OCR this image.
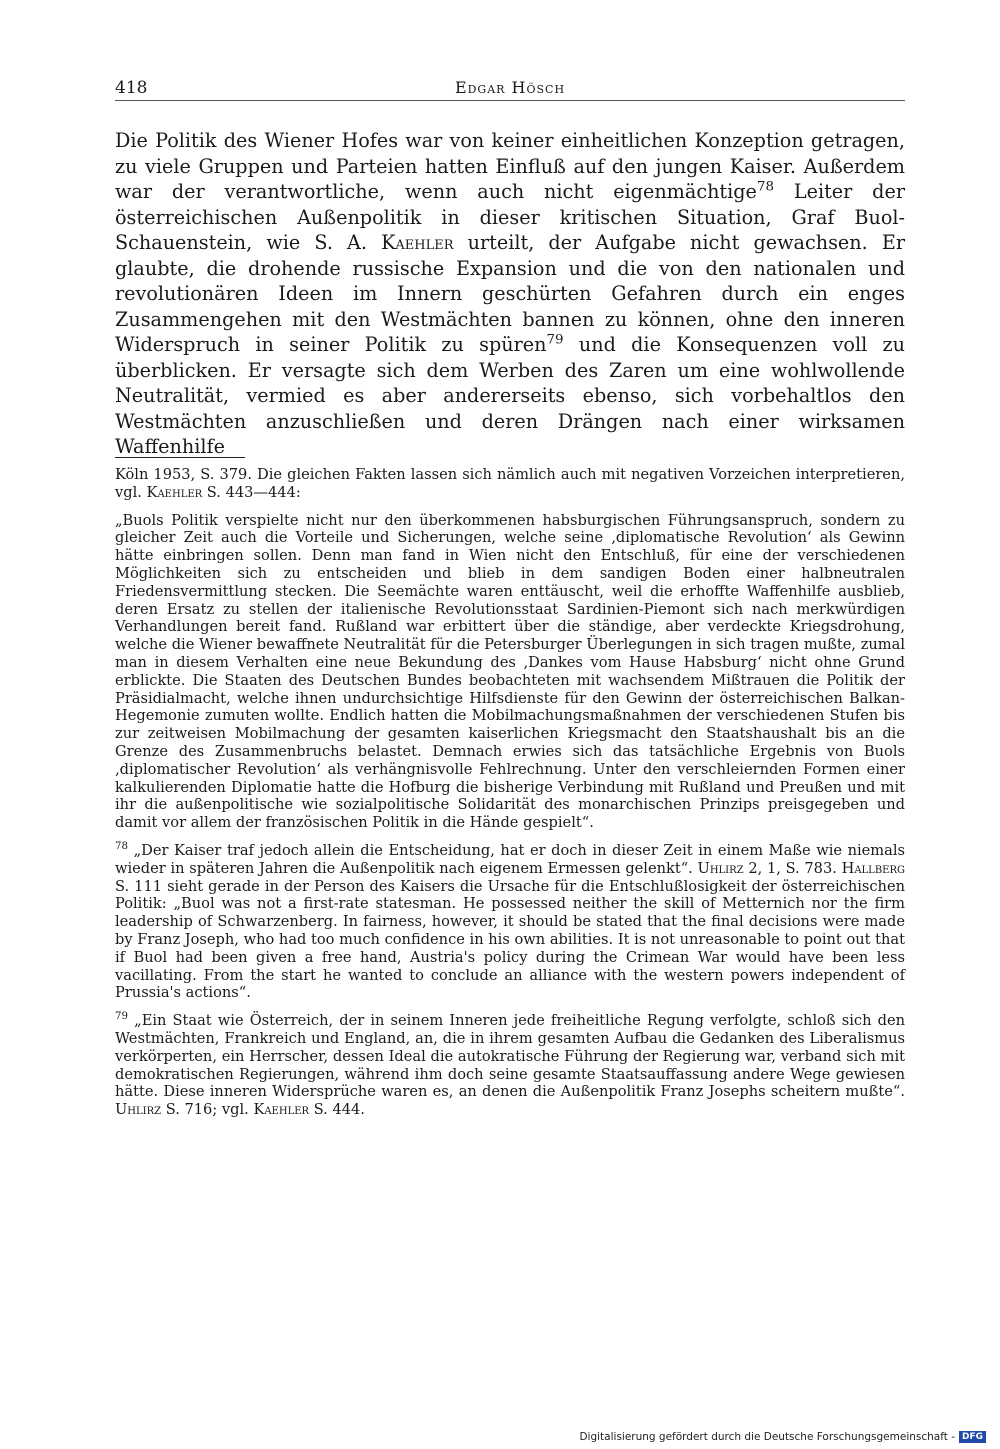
418	Edgar Hösch
Die Politik des Wiener Hofes war von keiner einheitlichen Konzeption getragen, zu viele Gruppen und Parteien hatten Einfluß auf den jungen Kaiser. Außerdem war der verantwortliche, wenn auch nicht eigenmächtige$^{78}$ Leiter der österreichischen Außenpolitik in dieser kritischen Situation, Graf Buol-Schauenstein, wie S. A. Kaehler urteilt, der Aufgabe nicht gewachsen. Er glaubte, die drohende russische Expansion und die von den nationalen und revolutionären Ideen im Innern geschürten Gefahren durch ein enges Zusammengehen mit den Westmächten bannen zu können, ohne den inneren Widerspruch in seiner Politik zu spüren$^{79}$ und die Konsequenzen voll zu überblicken. Er versagte sich dem Werben des Zaren um eine wohlwollende Neutralität, vermied es aber andererseits ebenso, sich vorbehaltlos den Westmächten anzuschließen und deren Drängen nach einer wirksamen Waffenhilfe

Köln 1953, S. 379. Die gleichen Fakten lassen sich nämlich auch mit negativen Vorzeichen interpretieren, vgl. Kaehler S. 443—444:

„Buols Politik verspielte nicht nur den überkommenen habsburgischen Führungsanspruch, sondern zu gleicher Zeit auch die Vorteile und Sicherungen, welche seine ‚diplomatische Revolution‘ als Gewinn hätte einbringen sollen. Denn man fand in Wien nicht den Entschluß, für eine der verschiedenen Möglichkeiten sich zu entscheiden und blieb in dem sandigen Boden einer halbneutralen Friedensvermittlung stecken. Die Seemächte waren enttäuscht, weil die erhoffte Waffenhilfe ausblieb, deren Ersatz zu stellen der italienische Revolutionsstaat Sardinien-Piemont sich nach merkwürdigen Verhandlungen bereit fand. Rußland war erbittert über die ständige, aber verdeckte Kriegsdrohung, welche die Wiener bewaffnete Neutralität für die Petersburger Überlegungen in sich tragen mußte, zumal man in diesem Verhalten eine neue Bekundung des ‚Dankes vom Hause Habsburg‘ nicht ohne Grund erblickte. Die Staaten des Deutschen Bundes beobachteten mit wachsendem Mißtrauen die Politik der Präsidialmacht, welche ihnen undurchsichtige Hilfsdienste für den Gewinn der österreichischen Balkan-Hegemonie zumuten wollte. Endlich hatten die Mobilmachungsmaßnahmen der verschiedenen Stufen bis zur zeitweisen Mobilmachung der gesamten kaiserlichen Kriegsmacht den Staatshaushalt bis an die Grenze des Zusammenbruchs belastet. Demnach erwies sich das tatsächliche Ergebnis von Buols ‚diplomatischer Revolution‘ als verhängnisvolle Fehlrechnung. Unter den verschleiernden Formen einer kalkulierenden Diplomatie hatte die Hofburg die bisherige Verbindung mit Rußland und Preußen und mit ihr die außenpolitische wie sozialpolitische Solidarität des monarchischen Prinzips preisgegeben und damit vor allem der französischen Politik in die Hände gespielt“.

$^{78}$ „Der Kaiser traf jedoch allein die Entscheidung, hat er doch in dieser Zeit in einem Maße wie niemals wieder in späteren Jahren die Außenpolitik nach eigenem Ermessen gelenkt“. Uhlirz 2, 1, S. 783. Hallberg S. 111 sieht gerade in der Person des Kaisers die Ursache für die Entschlußlosigkeit der österreichischen Politik: „Buol was not a first-rate statesman. He possessed neither the skill of Metternich nor the firm leadership of Schwarzenberg. In fairness, however, it should be stated that the final decisions were made by Franz Joseph, who had too much confidence in his own abilities. It is not unreasonable to point out that if Buol had been given a free hand, Austria's policy during the Crimean War would have been less vacillating. From the start he wanted to conclude an alliance with the western powers independent of Prussia's actions“.

$^{79}$ „Ein Staat wie Österreich, der in seinem Inneren jede freiheitliche Regung verfolgte, schloß sich den Westmächten, Frankreich und England, an, die in ihrem gesamten Aufbau die Gedanken des Liberalismus verkörperten, ein Herrscher, dessen Ideal die autokratische Führung der Regierung war, verband sich mit demokratischen Regierungen, während ihm doch seine gesamte Staatsauffassung andere Wege gewiesen hätte. Diese inneren Widersprüche waren es, an denen die Außenpolitik Franz Josephs scheitern mußte“. Uhlirz S. 716; vgl. Kaehler S. 444.

Digitalisierung gefördert durch die Deutsche Forschungsgemeinschaft - DFG
